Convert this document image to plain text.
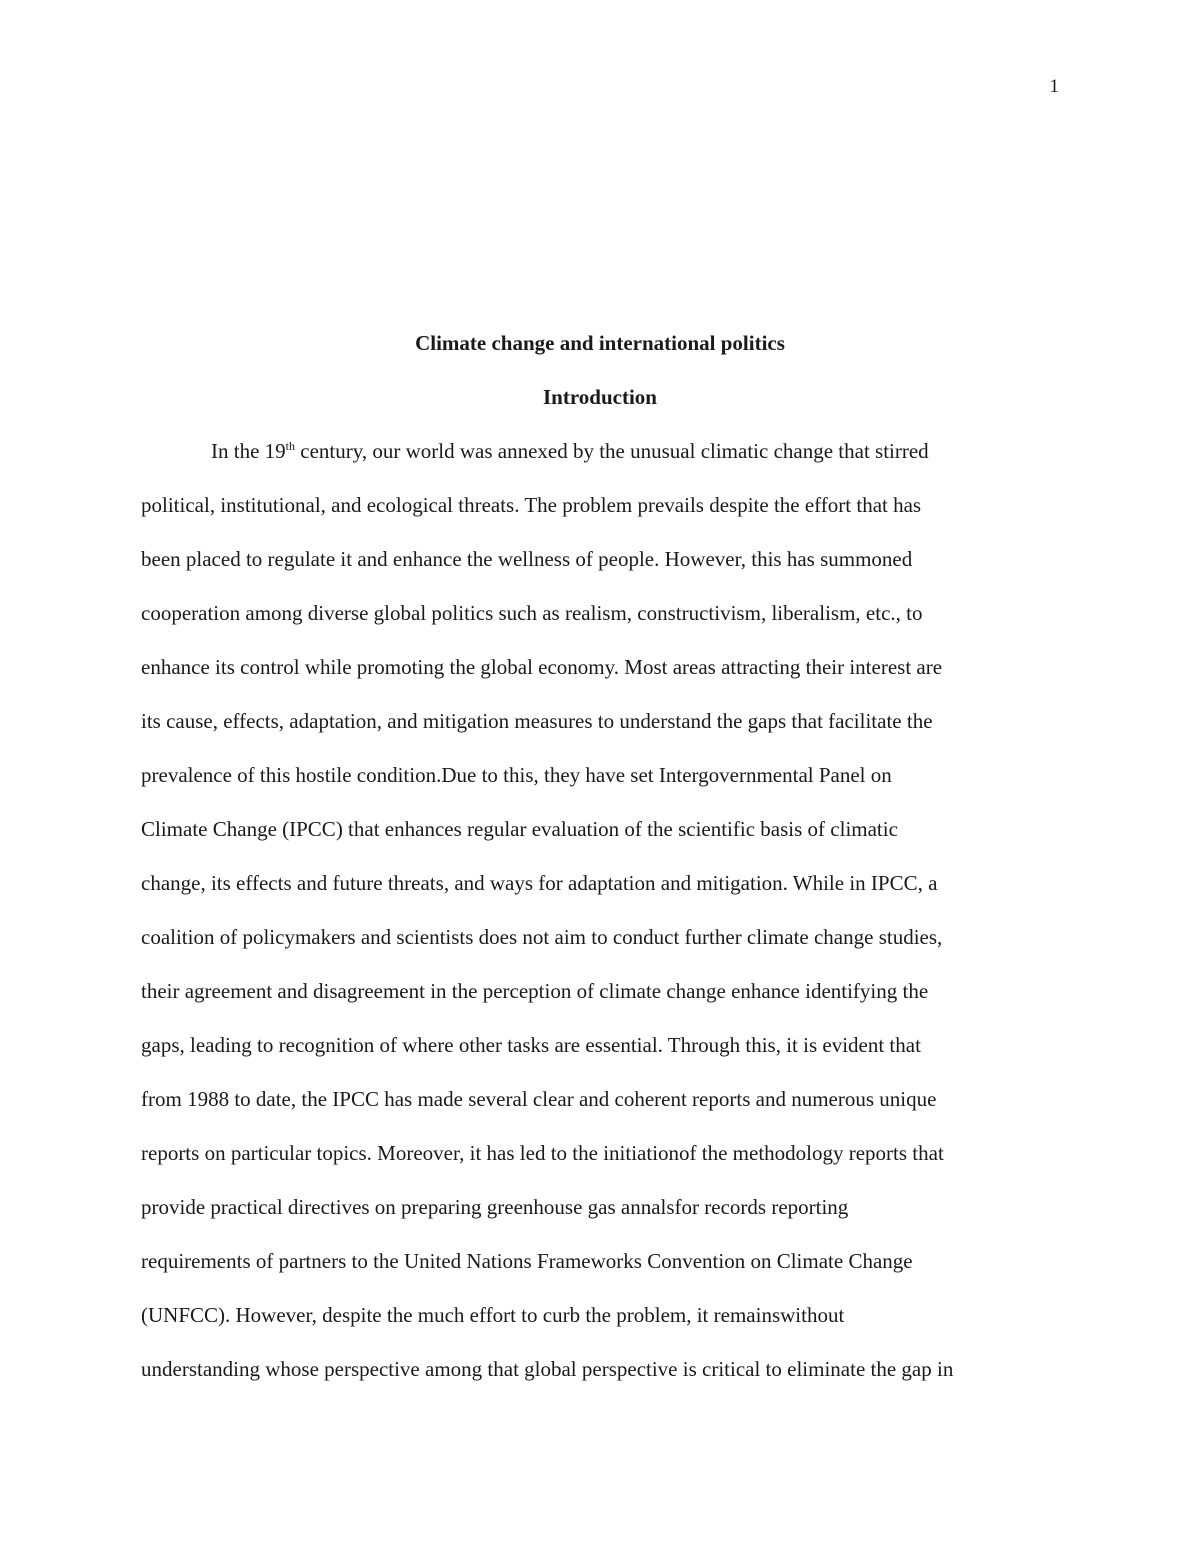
1
Climate change and international politics
Introduction
In the 19th century, our world was annexed by the unusual climatic change that stirred
political, institutional, and ecological threats. The problem prevails despite the effort that has
been placed to regulate it and enhance the wellness of people. However, this has summoned
cooperation among diverse global politics such as realism, constructivism, liberalism, etc., to
enhance its control while promoting the global economy. Most areas attracting their interest are
its cause, effects, adaptation, and mitigation measures to understand the gaps that facilitate the
prevalence of this hostile condition.Due to this, they have set Intergovernmental Panel on
Climate Change (IPCC) that enhances regular evaluation of the scientific basis of climatic
change, its effects and future threats, and ways for adaptation and mitigation. While in IPCC, a
coalition of policymakers and scientists does not aim to conduct further climate change studies,
their agreement and disagreement in the perception of climate change enhance identifying the
gaps, leading to recognition of where other tasks are essential. Through this, it is evident that
from 1988 to date, the IPCC has made several clear and coherent reports and numerous unique
reports on particular topics. Moreover, it has led to the initiationof the methodology reports that
provide practical directives on preparing greenhouse gas annalsfor records reporting
requirements of partners to the United Nations Frameworks Convention on Climate Change
(UNFCC). However, despite the much effort to curb the problem, it remainswithout
understanding whose perspective among that global perspective is critical to eliminate the gap in
